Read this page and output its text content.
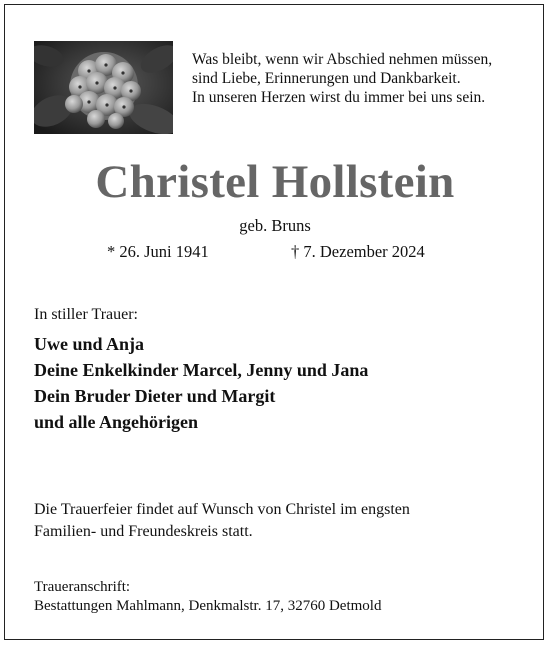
Was bleibt, wenn wir Abschied nehmen müssen,
sind Liebe, Erinnerungen und Dankbarkeit.
In unseren Herzen wirst du immer bei uns sein.
Christel Hollstein
geb. Bruns
* 26. Juni 1941	† 7. Dezember 2024
In stiller Trauer:
Uwe und Anja
Deine Enkelkinder Marcel, Jenny und Jana
Dein Bruder Dieter und Margit
und alle Angehörigen
Die Trauerfeier findet auf Wunsch von Christel im engsten
Familien- und Freundeskreis statt.
Traueranschrift:
Bestattungen Mahlmann, Denkmalstr. 17, 32760 Detmold
